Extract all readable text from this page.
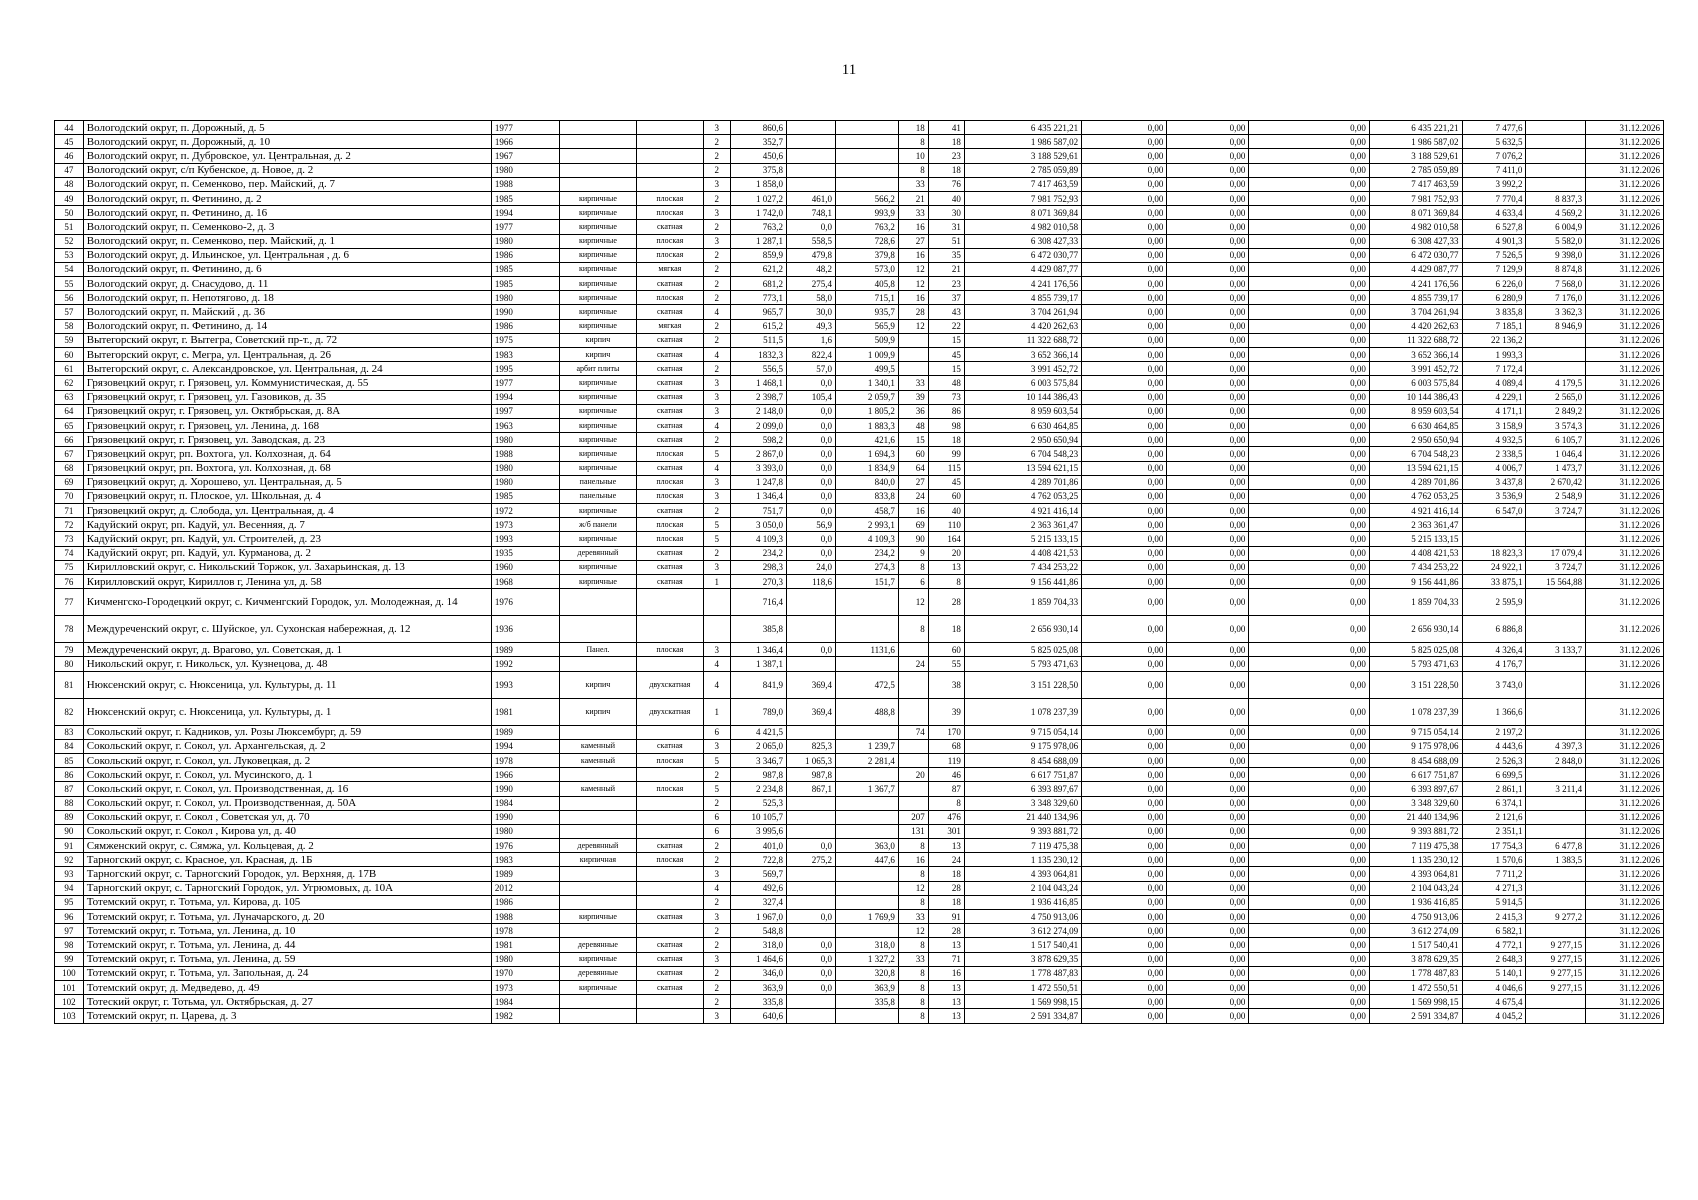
11
44	Вологодский округ, п. Дорожный, д. 5	1977			3	860,6			18	41	6 435 221,21	0,00	0,00	0,00	6 435 221,21	7 477,6		31.12.2026
45	Вологодский округ, п. Дорожный, д. 10	1966			2	352,7			8	18	1 986 587,02	0,00	0,00	0,00	1 986 587,02	5 632,5		31.12.2026
46	Вологодский округ, п. Дубровское, ул. Центральная, д. 2	1967			2	450,6			10	23	3 188 529,61	0,00	0,00	0,00	3 188 529,61	7 076,2		31.12.2026
47	Вологодский округ, с/п Кубенское, д. Новое, д. 2	1980			2	375,8			8	18	2 785 059,89	0,00	0,00	0,00	2 785 059,89	7 411,0		31.12.2026
48	Вологодский округ, п. Семенково, пер. Майский, д. 7	1988			3	1 858,0			33	76	7 417 463,59	0,00	0,00	0,00	7 417 463,59	3 992,2		31.12.2026
49	Вологодский округ, п. Фетинино, д. 2	1985	кирпичные	плоская	2	1 027,2	461,0	566,2	21	40	7 981 752,93	0,00	0,00	0,00	7 981 752,93	7 770,4	8 837,3	31.12.2026
50	Вологодский округ, п. Фетинино, д. 16	1994	кирпичные	плоская	3	1 742,0	748,1	993,9	33	30	8 071 369,84	0,00	0,00	0,00	8 071 369,84	4 633,4	4 569,2	31.12.2026
51	Вологодский округ, п. Семенково-2, д. 3	1977	кирпичные	скатная	2	763,2	0,0	763,2	16	31	4 982 010,58	0,00	0,00	0,00	4 982 010,58	6 527,8	6 004,9	31.12.2026
52	Вологодский округ, п. Семенково, пер. Майский, д. 1	1980	кирпичные	плоская	3	1 287,1	558,5	728,6	27	51	6 308 427,33	0,00	0,00	0,00	6 308 427,33	4 901,3	5 582,0	31.12.2026
53	Вологодский округ, д. Ильинское, ул. Центральная , д. 6	1986	кирпичные	плоская	2	859,9	479,8	379,8	16	35	6 472 030,77	0,00	0,00	0,00	6 472 030,77	7 526,5	9 398,0	31.12.2026
54	Вологодский округ, п. Фетинино, д. 6	1985	кирпичные	мягкая	2	621,2	48,2	573,0	12	21	4 429 087,77	0,00	0,00	0,00	4 429 087,77	7 129,9	8 874,8	31.12.2026
55	Вологодский округ, д. Снасудово, д. 11	1985	кирпичные	скатная	2	681,2	275,4	405,8	12	23	4 241 176,56	0,00	0,00	0,00	4 241 176,56	6 226,0	7 568,0	31.12.2026
56	Вологодский округ, п. Непотягово, д. 18	1980	кирпичные	плоская	2	773,1	58,0	715,1	16	37	4 855 739,17	0,00	0,00	0,00	4 855 739,17	6 280,9	7 176,0	31.12.2026
57	Вологодский округ, п. Майский , д. 36	1990	кирпичные	скатная	4	965,7	30,0	935,7	28	43	3 704 261,94	0,00	0,00	0,00	3 704 261,94	3 835,8	3 362,3	31.12.2026
58	Вологодский округ, п. Фетинино, д. 14	1986	кирпичные	мягкая	2	615,2	49,3	565,9	12	22	4 420 262,63	0,00	0,00	0,00	4 420 262,63	7 185,1	8 946,9	31.12.2026
59	Вытегорский округ, г. Вытегра, Советский пр-т., д. 72	1975	кирпич	скатная	2	511,5	1,6	509,9		15	11 322 688,72	0,00	0,00	0,00	11 322 688,72	22 136,2		31.12.2026
60	Вытегорский округ, с. Мегра, ул. Центральная, д. 26	1983	кирпич	скатная	4	1832,3	822,4	1 009,9		45	3 652 366,14	0,00	0,00	0,00	3 652 366,14	1 993,3		31.12.2026
61	Вытегорский округ, с. Александровское, ул. Центральная, д. 24	1995	арбит плиты	скатная	2	556,5	57,0	499,5		15	3 991 452,72	0,00	0,00	0,00	3 991 452,72	7 172,4		31.12.2026
62	Грязовецкий округ, г. Грязовец, ул. Коммунистическая, д. 55	1977	кирпичные	скатная	3	1 468,1	0,0	1 340,1	33	48	6 003 575,84	0,00	0,00	0,00	6 003 575,84	4 089,4	4 179,5	31.12.2026
63	Грязовецкий округ, г. Грязовец, ул. Газовиков, д. 35	1994	кирпичные	скатная	3	2 398,7	105,4	2 059,7	39	73	10 144 386,43	0,00	0,00	0,00	10 144 386,43	4 229,1	2 565,0	31.12.2026
64	Грязовецкий округ, г. Грязовец, ул. Октябрьская, д. 8А	1997	кирпичные	скатная	3	2 148,0	0,0	1 805,2	36	86	8 959 603,54	0,00	0,00	0,00	8 959 603,54	4 171,1	2 849,2	31.12.2026
65	Грязовецкий округ, г. Грязовец, ул. Ленина, д. 168	1963	кирпичные	скатная	4	2 099,0	0,0	1 883,3	48	98	6 630 464,85	0,00	0,00	0,00	6 630 464,85	3 158,9	3 574,3	31.12.2026
66	Грязовецкий округ, г. Грязовец, ул. Заводская, д. 23	1980	кирпичные	скатная	2	598,2	0,0	421,6	15	18	2 950 650,94	0,00	0,00	0,00	2 950 650,94	4 932,5	6 105,7	31.12.2026
67	Грязовецкий округ, рп. Вохтога, ул. Колхозная, д. 64	1988	кирпичные	плоская	5	2 867,0	0,0	1 694,3	60	99	6 704 548,23	0,00	0,00	0,00	6 704 548,23	2 338,5	1 046,4	31.12.2026
68	Грязовецкий округ, рп. Вохтога, ул. Колхозная, д. 68	1980	кирпичные	скатная	4	3 393,0	0,0	1 834,9	64	115	13 594 621,15	0,00	0,00	0,00	13 594 621,15	4 006,7	1 473,7	31.12.2026
69	Грязовецкий округ, д. Хорошево, ул. Центральная, д. 5	1980	панельные	плоская	3	1 247,8	0,0	840,0	27	45	4 289 701,86	0,00	0,00	0,00	4 289 701,86	3 437,8	2 670,42	31.12.2026
70	Грязовецкий округ, п. Плоское, ул. Школьная, д. 4	1985	панельные	плоская	3	1 346,4	0,0	833,8	24	60	4 762 053,25	0,00	0,00	0,00	4 762 053,25	3 536,9	2 548,9	31.12.2026
71	Грязовецкий округ, д. Слобода, ул. Центральная, д. 4	1972	кирпичные	скатная	2	751,7	0,0	458,7	16	40	4 921 416,14	0,00	0,00	0,00	4 921 416,14	6 547,0	3 724,7	31.12.2026
72	Кадуйский округ, рп. Кадуй, ул. Весенняя, д. 7	1973	ж/б панели	плоская	5	3 050,0	56,9	2 993,1	69	110	2 363 361,47	0,00	0,00	0,00	2 363 361,47			31.12.2026
73	Кадуйский округ, рп. Кадуй, ул. Строителей, д. 23	1993	кирпичные	плоская	5	4 109,3	0,0	4 109,3	90	164	5 215 133,15	0,00	0,00	0,00	5 215 133,15			31.12.2026
74	Кадуйский округ, рп. Кадуй, ул. Курманова, д. 2	1935	деревянный	скатная	2	234,2	0,0	234,2	9	20	4 408 421,53	0,00	0,00	0,00	4 408 421,53	18 823,3	17 079,4	31.12.2026
75	Кирилловский округ, с. Никольский Торжок, ул. Захарьинская, д. 13	1960	кирпичные	скатная	3	298,3	24,0	274,3	8	13	7 434 253,22	0,00	0,00	0,00	7 434 253,22	24 922,1	3 724,7	31.12.2026
76	Кирилловский округ, Кириллов г, Ленина ул, д. 58	1968	кирпичные	скатная	1	270,3	118,6	151,7	6	8	9 156 441,86	0,00	0,00	0,00	9 156 441,86	33 875,1	15 564,88	31.12.2026
77	Кичменгско-Городецкий округ, с. Кичменгский Городок, ул. Молодежная, д. 14	1976				716,4			12	28	1 859 704,33	0,00	0,00	0,00	1 859 704,33	2 595,9		31.12.2026
78	Междуреченский округ, с. Шуйское, ул. Сухонская набережная, д. 12	1936				385,8			8	18	2 656 930,14	0,00	0,00	0,00	2 656 930,14	6 886,8		31.12.2026
79	Междуреченский округ, д. Врагово, ул. Советская, д. 1	1989	Панел.	плоская	3	1 346,4	0,0	1131,6		60	5 825 025,08	0,00	0,00	0,00	5 825 025,08	4 326,4	3 133,7	31.12.2026
80	Никольский округ, г. Никольск, ул. Кузнецова, д. 48	1992			4	1 387,1			24	55	5 793 471,63	0,00	0,00	0,00	5 793 471,63	4 176,7		31.12.2026
81	Нюксенский округ, с. Нюксеница, ул. Культуры, д. 11	1993	кирпич	двухскатная	4	841,9	369,4	472,5		38	3 151 228,50	0,00	0,00	0,00	3 151 228,50	3 743,0		31.12.2026
82	Нюксенский округ, с. Нюксеница, ул. Культуры, д. 1	1981	кирпич	двухскатная	1	789,0	369,4	488,8		39	1 078 237,39	0,00	0,00	0,00	1 078 237,39	1 366,6		31.12.2026
83	Сокольский округ, г. Кадников, ул. Розы Люксембург, д. 59	1989			6	4 421,5			74	170	9 715 054,14	0,00	0,00	0,00	9 715 054,14	2 197,2		31.12.2026
84	Сокольский округ, г. Сокол, ул. Архангельская, д. 2	1994	каменный	скатная	3	2 065,0	825,3	1 239,7		68	9 175 978,06	0,00	0,00	0,00	9 175 978,06	4 443,6	4 397,3	31.12.2026
85	Сокольский округ, г. Сокол, ул. Луковецкая, д. 2	1978	каменный	плоская	5	3 346,7	1 065,3	2 281,4		119	8 454 688,09	0,00	0,00	0,00	8 454 688,09	2 526,3	2 848,0	31.12.2026
86	Сокольский округ, г. Сокол, ул. Мусинского, д. 1	1966			2	987,8	987,8		20	46	6 617 751,87	0,00	0,00	0,00	6 617 751,87	6 699,5		31.12.2026
87	Сокольский округ, г. Сокол, ул. Производственная, д. 16	1990	каменный	плоская	5	2 234,8	867,1	1 367,7		87	6 393 897,67	0,00	0,00	0,00	6 393 897,67	2 861,1	3 211,4	31.12.2026
88	Сокольский округ, г. Сокол, ул. Производственная, д. 50А	1984			2	525,3				8	3 348 329,60	0,00	0,00	0,00	3 348 329,60	6 374,1		31.12.2026
89	Сокольский округ, г. Сокол , Советская ул, д. 70	1990			6	10 105,7			207	476	21 440 134,96	0,00	0,00	0,00	21 440 134,96	2 121,6		31.12.2026
90	Сокольский округ, г. Сокол , Кирова ул, д. 40	1980			6	3 995,6			131	301	9 393 881,72	0,00	0,00	0,00	9 393 881,72	2 351,1		31.12.2026
91	Сямженский округ, с. Сямжа, ул. Кольцевая, д. 2	1976	деревянный	скатная	2	401,0	0,0	363,0	8	13	7 119 475,38	0,00	0,00	0,00	7 119 475,38	17 754,3	6 477,8	31.12.2026
92	Тарногский округ, с. Красное, ул. Красная, д. 1Б	1983	кирпичная	плоская	2	722,8	275,2	447,6	16	24	1 135 230,12	0,00	0,00	0,00	1 135 230,12	1 570,6	1 383,5	31.12.2026
93	Тарногский округ, с. Тарногский Городок, ул. Верхняя, д. 17В	1989			3	569,7			8	18	4 393 064,81	0,00	0,00	0,00	4 393 064,81	7 711,2		31.12.2026
94	Тарногский округ, с. Тарногский Городок, ул. Угрюмовых, д. 10А	2012			4	492,6			12	28	2 104 043,24	0,00	0,00	0,00	2 104 043,24	4 271,3		31.12.2026
95	Тотемский округ, г. Тотьма, ул. Кирова, д. 105	1986			2	327,4			8	18	1 936 416,85	0,00	0,00	0,00	1 936 416,85	5 914,5		31.12.2026
96	Тотемский округ, г. Тотьма, ул. Луначарского, д. 20	1988	кирпичные	скатная	3	1 967,0	0,0	1 769,9	33	91	4 750 913,06	0,00	0,00	0,00	4 750 913,06	2 415,3	9 277,2	31.12.2026
97	Тотемский округ, г. Тотьма, ул. Ленина, д. 10	1978			2	548,8			12	28	3 612 274,09	0,00	0,00	0,00	3 612 274,09	6 582,1		31.12.2026
98	Тотемский округ, г. Тотьма, ул. Ленина, д. 44	1981	деревянные	скатная	2	318,0	0,0	318,0	8	13	1 517 540,41	0,00	0,00	0,00	1 517 540,41	4 772,1	9 277,15	31.12.2026
99	Тотемский округ, г. Тотьма, ул. Ленина, д. 59	1980	кирпичные	скатная	3	1 464,6	0,0	1 327,2	33	71	3 878 629,35	0,00	0,00	0,00	3 878 629,35	2 648,3	9 277,15	31.12.2026
100	Тотемский округ, г. Тотьма, ул. Запольная, д. 24	1970	деревянные	скатная	2	346,0	0,0	320,8	8	16	1 778 487,83	0,00	0,00	0,00	1 778 487,83	5 140,1	9 277,15	31.12.2026
101	Тотемский округ, д. Медведево, д. 49	1973	кирпичные	скатная	2	363,9	0,0	363,9	8	13	1 472 550,51	0,00	0,00	0,00	1 472 550,51	4 046,6	9 277,15	31.12.2026
102	Тотеский округ, г. Тотьма, ул. Октябрьская, д. 27	1984			2	335,8		335,8	8	13	1 569 998,15	0,00	0,00	0,00	1 569 998,15	4 675,4		31.12.2026
103	Тотемский округ, п. Царева, д. 3	1982			3	640,6			8	13	2 591 334,87	0,00	0,00	0,00	2 591 334,87	4 045,2		31.12.2026
